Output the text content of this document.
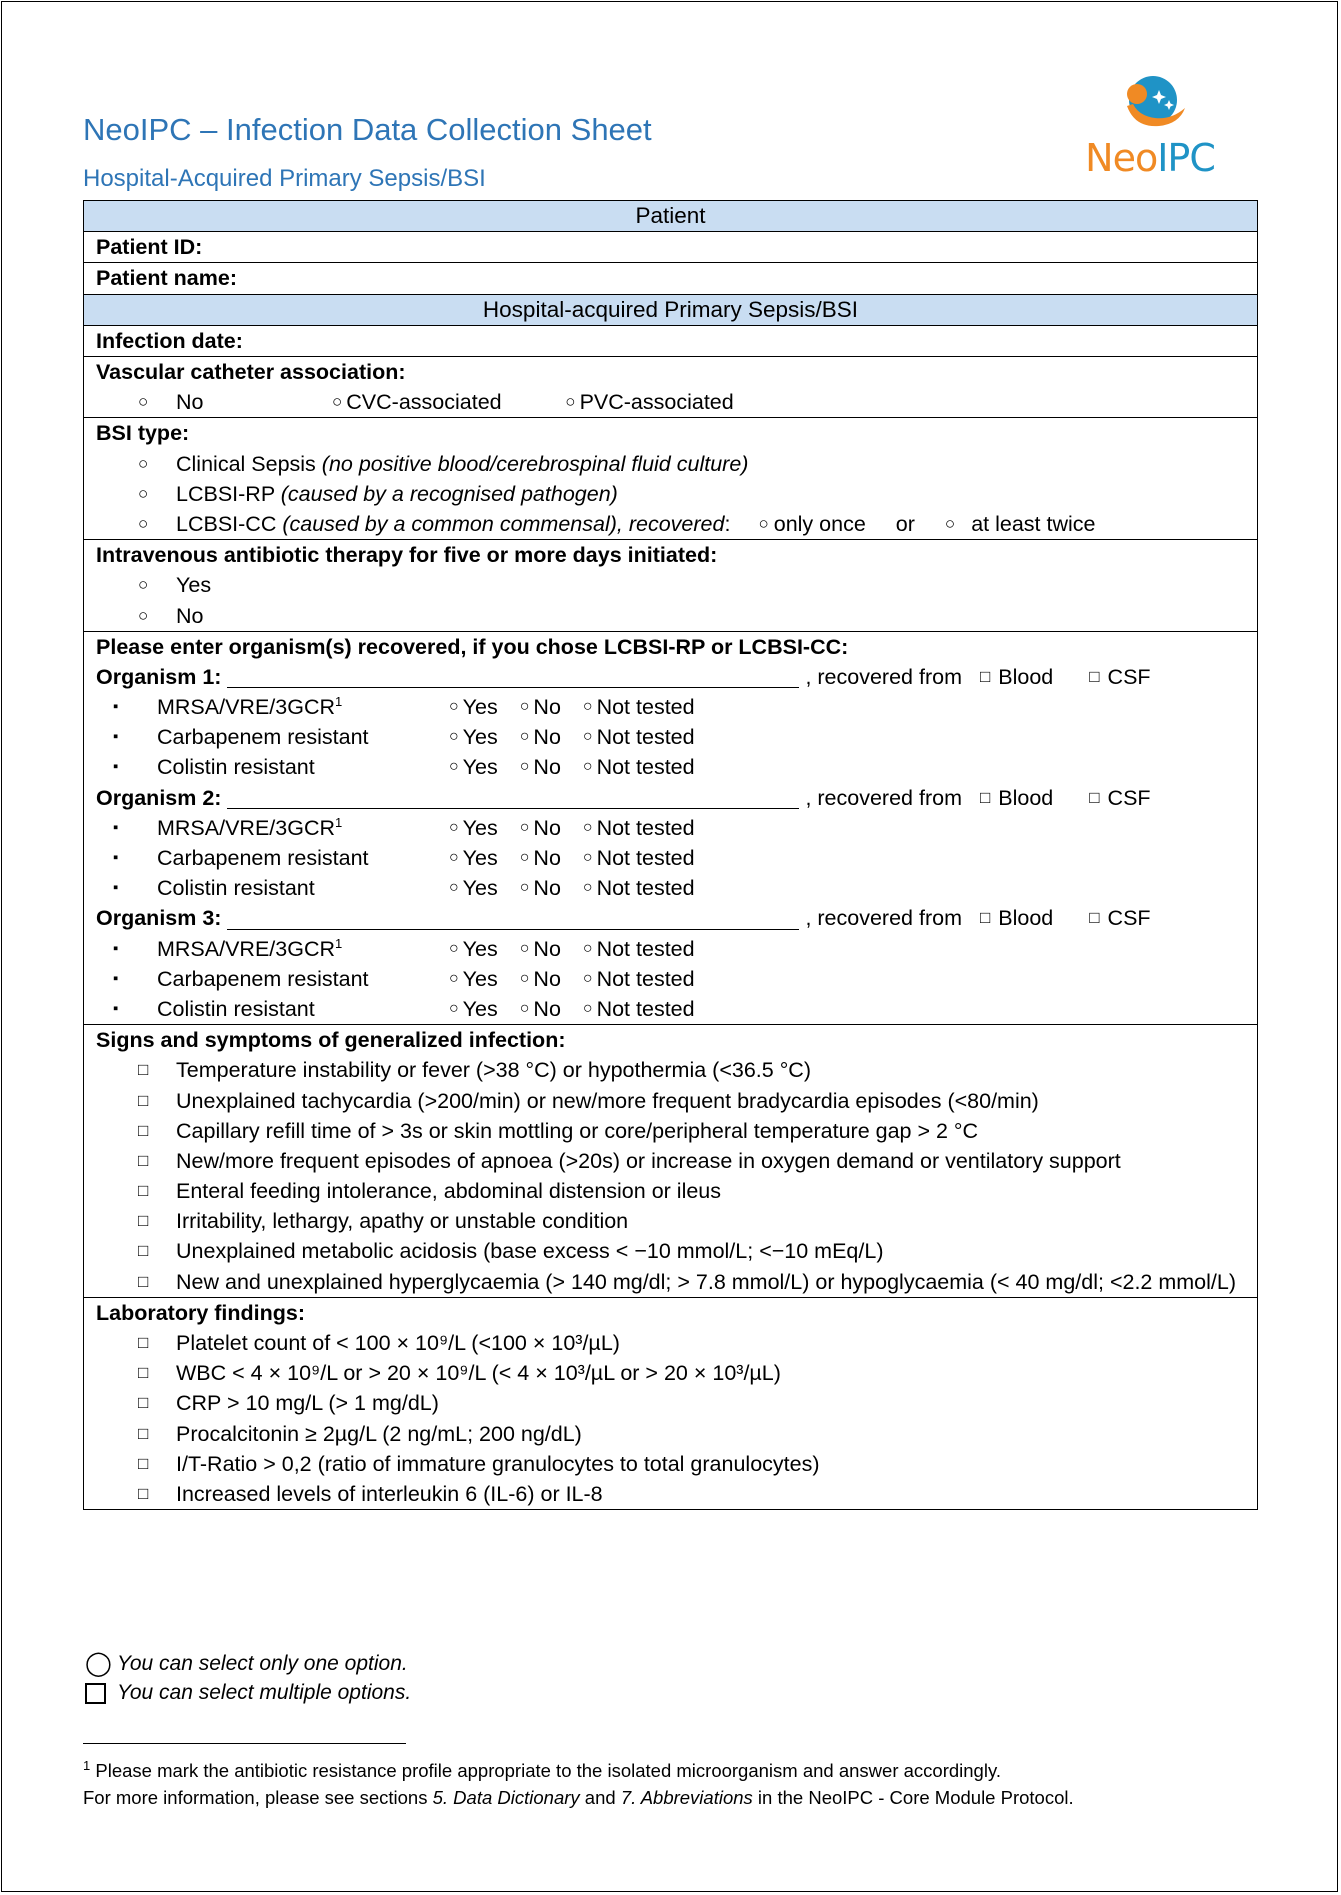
NeoIPC – Infection Data Collection Sheet
Hospital-Acquired Primary Sepsis/BSI	NeoIPC
Patient
Patient ID:
Patient name:
Hospital-acquired Primary Sepsis/BSI
Infection date:

Vascular catheter association:
○	No	○ CVC-associated	○ PVC-associated

BSI type:
○	Clinical Sepsis (no positive blood/cerebrospinal fluid culture)
○	LCBSI-RP (caused by a recognised pathogen)
○	LCBSI-CC (caused by a common commensal), recovered : ○ only once or ○ at least twice

Intravenous antibiotic therapy for five or more days initiated:
○	Yes
○	No

Please enter organism(s) recovered, if you chose LCBSI-RP or LCBSI-CC:
Organism 1:	, recovered from □ Blood □ CSF
▪	MRSA/VRE/3GCR$^1$	○ Yes ○ No ○ Not tested
▪	Carbapenem resistant	○ Yes ○ No ○ Not tested
▪	Colistin resistant	○ Yes ○ No ○ Not tested
Organism 2:	, recovered from □ Blood □ CSF
▪	MRSA/VRE/3GCR$^1$	○ Yes ○ No ○ Not tested
▪	Carbapenem resistant	○ Yes ○ No ○ Not tested
▪	Colistin resistant	○ Yes ○ No ○ Not tested
Organism 3:	, recovered from □ Blood □ CSF
▪	MRSA/VRE/3GCR$^1$	○ Yes ○ No ○ Not tested
▪	Carbapenem resistant	○ Yes ○ No ○ Not tested
▪	Colistin resistant	○ Yes ○ No ○ Not tested

Signs and symptoms of generalized infection:
□	Temperature instability or fever (>38 °C) or hypothermia (<36.5 °C)
□	Unexplained tachycardia (>200/min) or new/more frequent bradycardia episodes (<80/min)
□	Capillary refill time of > 3s or skin mottling or core/peripheral temperature gap > 2 °C
□	New/more frequent episodes of apnoea (>20s) or increase in oxygen demand or ventilatory support
□	Enteral feeding intolerance, abdominal distension or ileus
□	Irritability, lethargy, apathy or unstable condition
□	Unexplained metabolic acidosis (base excess < −10 mmol/L; <−10 mEq/L)
□	New and unexplained hyperglycaemia (> 140 mg/dl; > 7.8 mmol/L) or hypoglycaemia (< 40 mg/dl; <2.2 mmol/L)

Laboratory findings:
□	Platelet count of < 100 × 10⁹/L (<100 × 10³/µL)
□	WBC < 4 × 10⁹/L or > 20 × 10⁹/L (< 4 × 10³/µL or > 20 × 10³/µL)
□	CRP > 10 mg/L (> 1 mg/dL)
□	Procalcitonin ≥ 2µg/L (2 ng/mL; 200 ng/dL)
□	I/T-Ratio > 0,2 (ratio of immature granulocytes to total granulocytes)
□	Increased levels of interleukin 6 (IL-6) or IL-8
◯ You can select only one option.
You can select multiple options.
$^1$ Please mark the antibiotic resistance profile appropriate to the isolated microorganism and answer accordingly.
For more information, please see sections 5. Data Dictionary and 7. Abbreviations in the NeoIPC - Core Module Protocol.
